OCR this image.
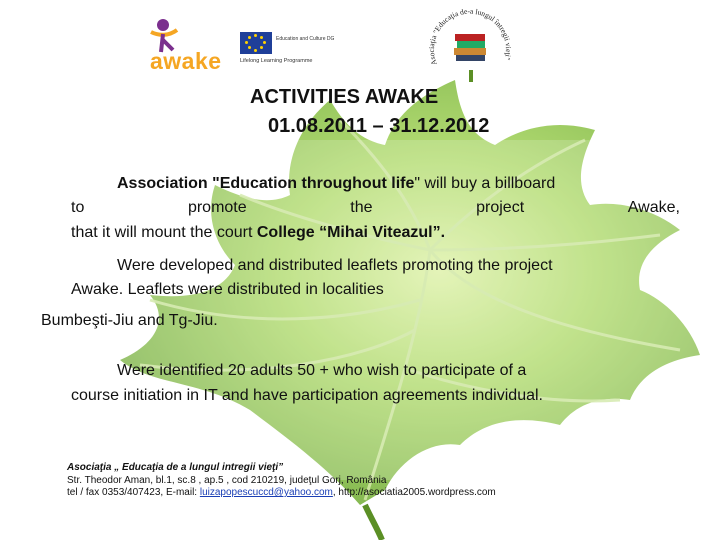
awake
Education and Culture DG
Lifelong Learning Programme	Asociaţia "Educaţia de-a lungul întregii vieţi"
ACTIVITIES AWAKE
01.08.2011 – 31.12.2012
Association "Education throughout life" will buy a billboard
to	promote	the	project	Awake,
that it will mount the court College “Mihai Viteazul”.
Were developed and distributed leaflets promoting the project
Awake. Leaflets were distributed in localities
Bumbeşti-Jiu and Tg-Jiu.
Were identified 20 adults 50 + who wish to participate of a
course initiation in IT and have participation agreements individual.
Asociaţia „ Educaţia de a lungul intregii vieţi”
Str. Theodor Aman, bl.1, sc.8 , ap.5 , cod 210219, judeţul Gorj, România
tel / fax 0353/407423, E-mail: luizapopescuccd@yahoo.com, http://asociatia2005.wordpress.com
